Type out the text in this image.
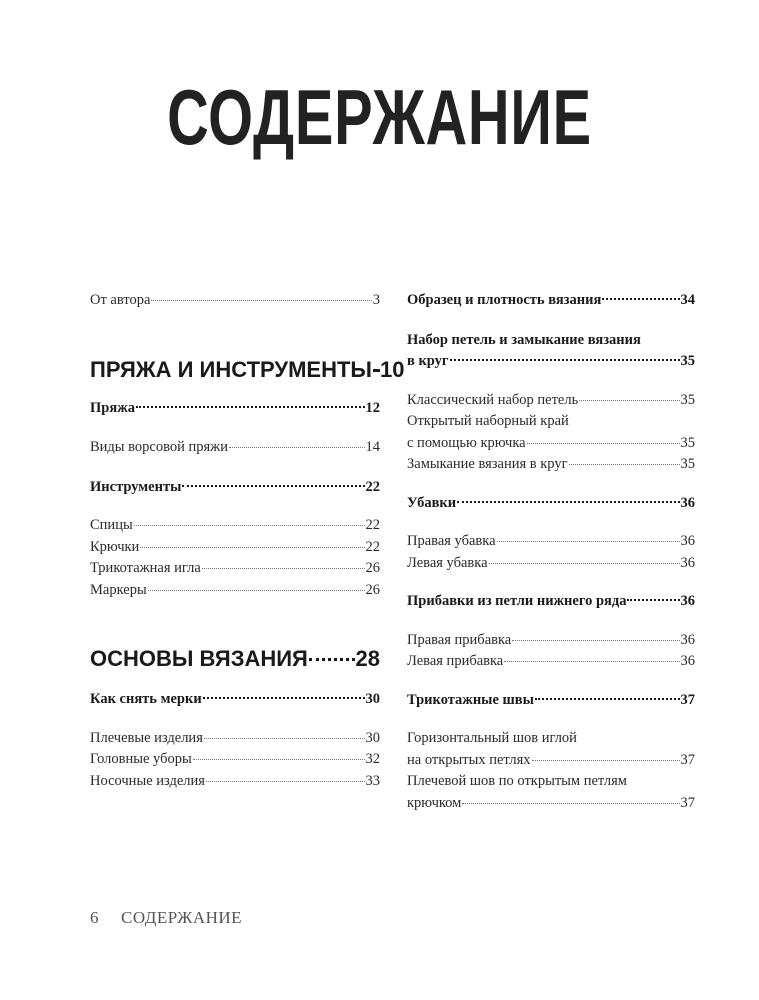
СОДЕРЖАНИЕ
От автора	3
ПРЯЖА И ИНСТРУМЕНТЫ 10
Пряжа	12
Виды ворсовой пряжи	14
Инструменты	22
Спицы	22
Крючки	22
Трикотажная игла	26
Маркеры	26
ОСНОВЫ ВЯЗАНИЯ 28
Как снять мерки	30
Плечевые изделия	30
Головные уборы	32
Носочные изделия	33
Образец и плотность вязания	34
Набор петель и замыкание вязания
в круг	35
Классический набор петель	35
Открытый наборный край
с помощью крючка	35
Замыкание вязания в круг	35
Убавки	36
Правая убавка	36
Левая убавка	36
Прибавки из петли нижнего ряда	36
Правая прибавка	36
Левая прибавка	36
Трикотажные швы	37
Горизонтальный шов иглой
на открытых петлях	37
Плечевой шов по открытым петлям
крючком	37
6 СОДЕРЖАНИЕ
